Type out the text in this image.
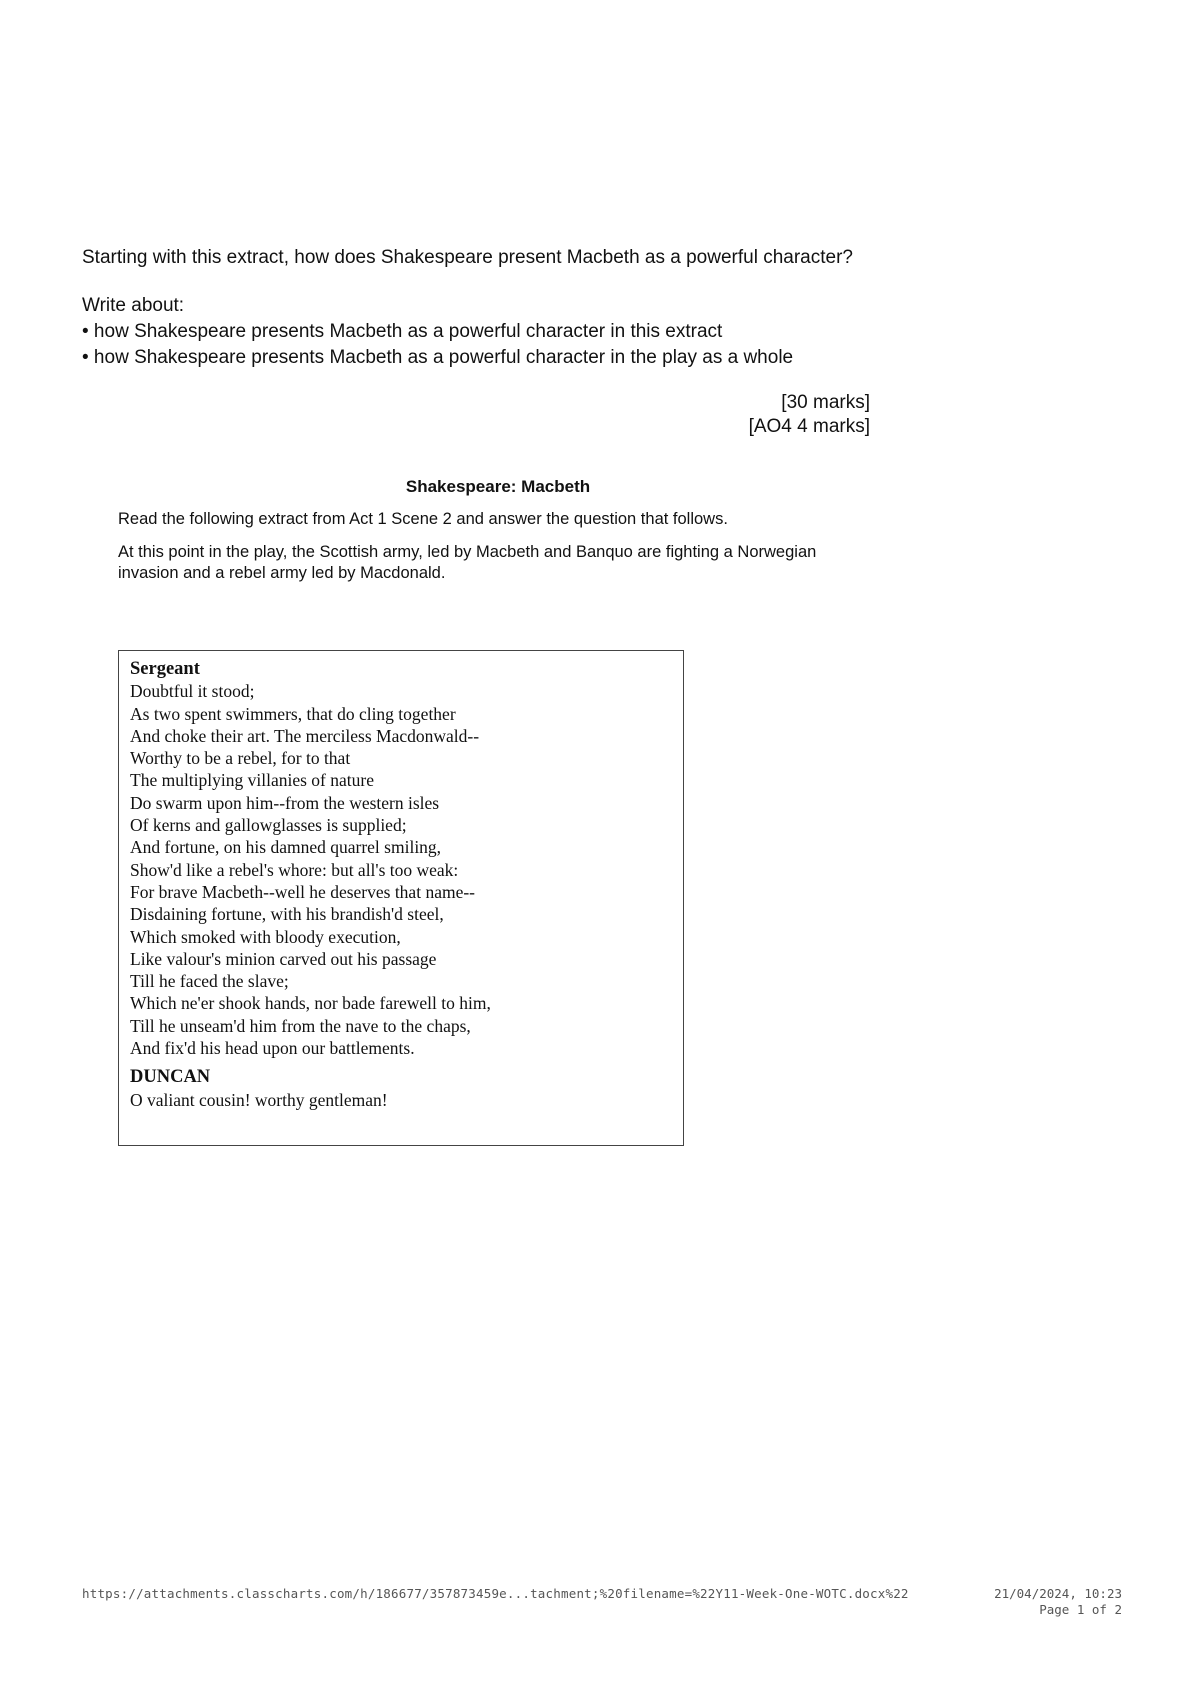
Starting with this extract, how does Shakespeare present Macbeth as a powerful character?

Write about:
• how Shakespeare presents Macbeth as a powerful character in this extract
• how Shakespeare presents Macbeth as a powerful character in the play as a whole
[30 marks]
[AO4 4 marks]
Shakespeare: Macbeth

Read the following extract from Act 1 Scene 2 and answer the question that follows.

At this point in the play, the Scottish army, led by Macbeth and Banquo are fighting a Norwegian invasion and a rebel army led by Macdonald.

Sergeant
Doubtful it stood;
As two spent swimmers, that do cling together
And choke their art. The merciless Macdonwald--
Worthy to be a rebel, for to that
The multiplying villanies of nature
Do swarm upon him--from the western isles
Of kerns and gallowglasses is supplied;
And fortune, on his damned quarrel smiling,
Show'd like a rebel's whore: but all's too weak:
For brave Macbeth--well he deserves that name--
Disdaining fortune, with his brandish'd steel,
Which smoked with bloody execution,
Like valour's minion carved out his passage
Till he faced the slave;
Which ne'er shook hands, nor bade farewell to him,
Till he unseam'd him from the nave to the chaps,
And fix'd his head upon our battlements.
DUNCAN
O valiant cousin! worthy gentleman!
https://attachments.classcharts.com/h/186677/357873459e...tachment;%20filename=%22Y11-Week-One-WOTC.docx%22	21/04/2024, 10:23
Page 1 of 2
